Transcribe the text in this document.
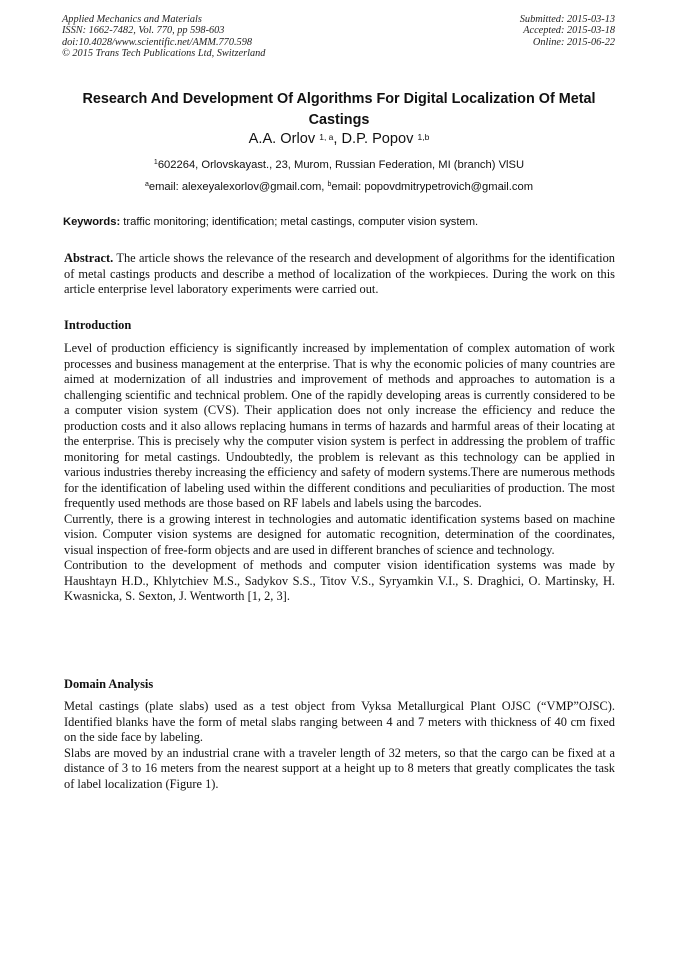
Applied Mechanics and Materials
ISSN: 1662-7482, Vol. 770, pp 598-603
doi:10.4028/www.scientific.net/AMM.770.598
© 2015 Trans Tech Publications Ltd, Switzerland
Submitted: 2015-03-13
Accepted: 2015-03-18
Online: 2015-06-22
Research And Development Of Algorithms For Digital Localization Of Metal Castings
A.A. Orlov $^{1, a}$, D.P. Popov $^{1,b}$
$^1$602264, Orlovskayast., 23, Murom, Russian Federation, MI (branch) VlSU
$^a$email: alexeyalexorlov@gmail.com, $^b$email: popovdmitrypetrovich@gmail.com
Keywords: traffic monitoring; identification; metal castings, computer vision system.
Abstract. The article shows the relevance of the research and development of algorithms for the identification of metal castings products and describe a method of localization of the workpieces. During the work on this article enterprise level laboratory experiments were carried out.
Introduction

Level of production efficiency is significantly increased by implementation of complex automation of work processes and business management at the enterprise. That is why the economic policies of many countries are aimed at modernization of all industries and improvement of methods and approaches to automation is a challenging scientific and technical problem. One of the rapidly developing areas is currently considered to be a computer vision system (CVS). Their application does not only increase the efficiency and reduce the production costs and it also allows replacing humans in terms of hazards and harmful areas of their locating at the enterprise. This is precisely why the computer vision system is perfect in addressing the problem of traffic monitoring for metal castings. Undoubtedly, the problem is relevant as this technology can be applied in various industries thereby increasing the efficiency and safety of modern systems.There are numerous methods for the identification of labeling used within the different conditions and peculiarities of production. The most frequently used methods are those based on RF labels and labels using the barcodes.

Currently, there is a growing interest in technologies and automatic identification systems based on machine vision. Computer vision systems are designed for automatic recognition, determination of the coordinates, visual inspection of free-form objects and are used in different branches of science and technology.

Contribution to the development of methods and computer vision identification systems was made by Haushtayn H.D., Khlytchiev M.S., Sadykov S.S., Titov V.S., Syryamkin V.I., S. Draghici, O. Martinsky, H. Kwasnicka, S. Sexton, J. Wentworth [1, 2, 3].

Domain Analysis

Metal castings (plate slabs) used as a test object from Vyksa Metallurgical Plant OJSC (“VMP”OJSC). Identified blanks have the form of metal slabs ranging between 4 and 7 meters with thickness of 40 cm fixed on the side face by labeling.

Slabs are moved by an industrial crane with a traveler length of 32 meters, so that the cargo can be fixed at a distance of 3 to 16 meters from the nearest support at a height up to 8 meters that greatly complicates the task of label localization (Figure 1).
